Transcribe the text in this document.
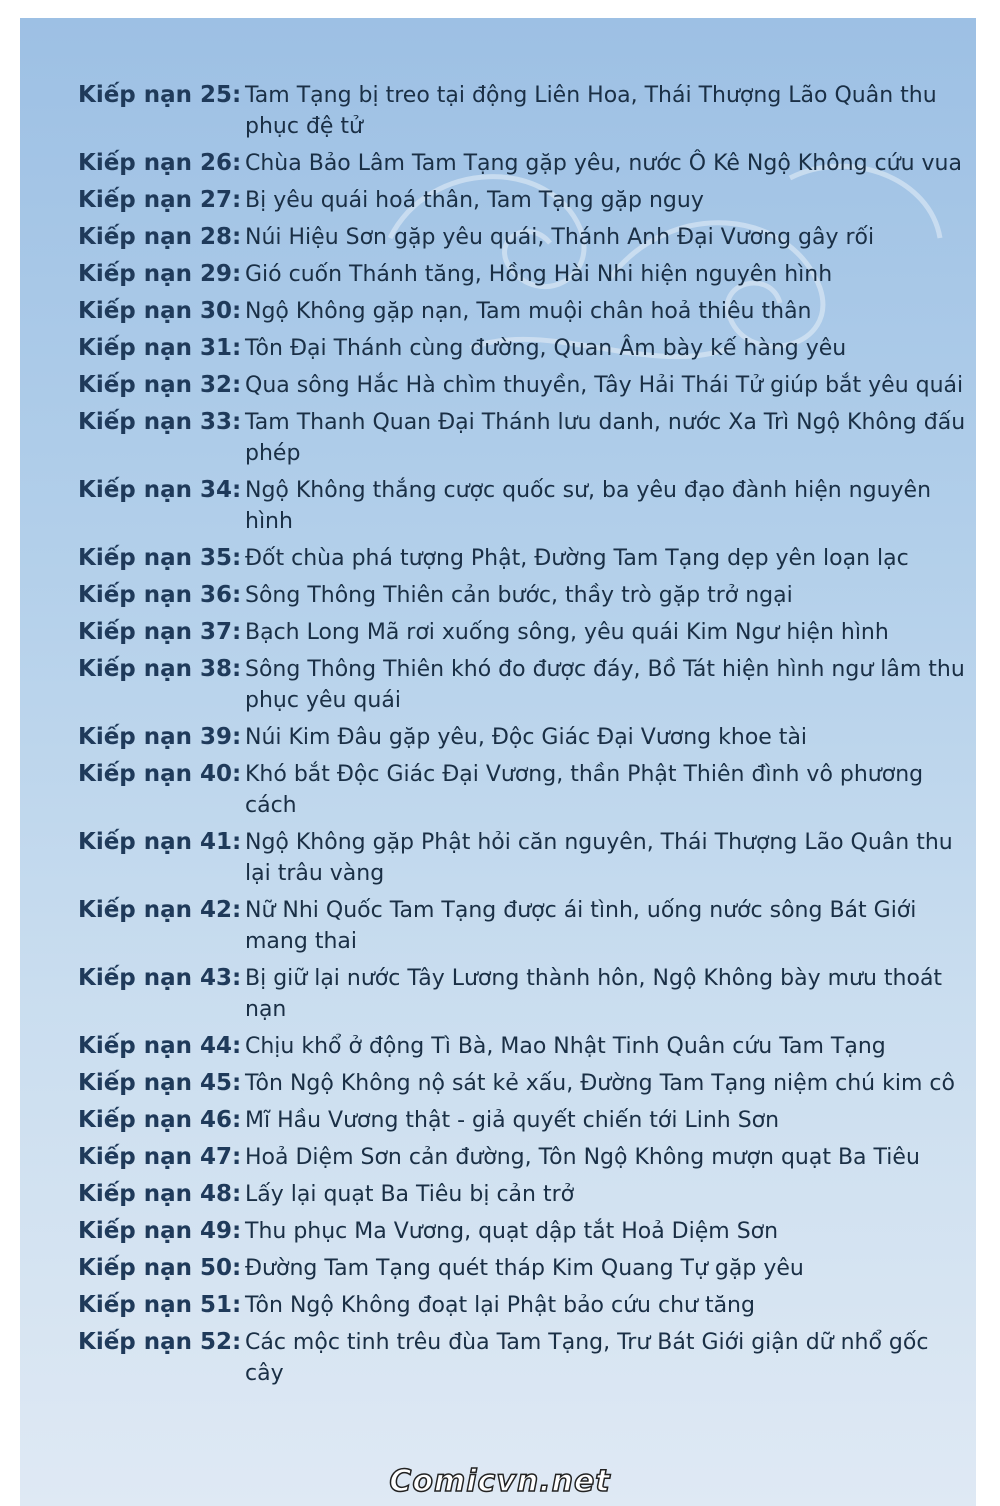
Kiếp nạn 25: Tam Tạng bị treo tại động Liên Hoa, Thái Thượng Lão Quân thu phục đệ tử
Kiếp nạn 26: Chùa Bảo Lâm Tam Tạng gặp yêu, nước Ô Kê Ngộ Không cứu vua
Kiếp nạn 27: Bị yêu quái hoá thân, Tam Tạng gặp nguy
Kiếp nạn 28: Núi Hiệu Sơn gặp yêu quái, Thánh Anh Đại Vương gây rối
Kiếp nạn 29: Gió cuốn Thánh tăng, Hồng Hài Nhi hiện nguyên hình
Kiếp nạn 30: Ngộ Không gặp nạn, Tam muội chân hoả thiêu thân
Kiếp nạn 31: Tôn Đại Thánh cùng đường, Quan Âm bày kế hàng yêu
Kiếp nạn 32: Qua sông Hắc Hà chìm thuyền, Tây Hải Thái Tử giúp bắt yêu quái
Kiếp nạn 33: Tam Thanh Quan Đại Thánh lưu danh, nước Xa Trì Ngộ Không đấu phép
Kiếp nạn 34: Ngộ Không thắng cược quốc sư, ba yêu đạo đành hiện nguyên hình
Kiếp nạn 35: Đốt chùa phá tượng Phật, Đường Tam Tạng dẹp yên loạn lạc
Kiếp nạn 36: Sông Thông Thiên cản bước, thầy trò gặp trở ngại
Kiếp nạn 37: Bạch Long Mã rơi xuống sông, yêu quái Kim Ngư hiện hình
Kiếp nạn 38: Sông Thông Thiên khó đo được đáy, Bồ Tát hiện hình ngư lâm thu phục yêu quái
Kiếp nạn 39: Núi Kim Đâu gặp yêu, Độc Giác Đại Vương khoe tài
Kiếp nạn 40: Khó bắt Độc Giác Đại Vương, thần Phật Thiên đình vô phương cách
Kiếp nạn 41: Ngộ Không gặp Phật hỏi căn nguyên, Thái Thượng Lão Quân thu lại trâu vàng
Kiếp nạn 42: Nữ Nhi Quốc Tam Tạng được ái tình, uống nước sông Bát Giới mang thai
Kiếp nạn 43: Bị giữ lại nước Tây Lương thành hôn, Ngộ Không bày mưu thoát nạn
Kiếp nạn 44: Chịu khổ ở động Tì Bà, Mao Nhật Tinh Quân cứu Tam Tạng
Kiếp nạn 45: Tôn Ngộ Không nộ sát kẻ xấu, Đường Tam Tạng niệm chú kim cô
Kiếp nạn 46: Mĩ Hầu Vương thật - giả quyết chiến tới Linh Sơn
Kiếp nạn 47: Hoả Diệm Sơn cản đường, Tôn Ngộ Không mượn quạt Ba Tiêu
Kiếp nạn 48: Lấy lại quạt Ba Tiêu bị cản trở
Kiếp nạn 49: Thu phục Ma Vương, quạt dập tắt Hoả Diệm Sơn
Kiếp nạn 50: Đường Tam Tạng quét tháp Kim Quang Tự gặp yêu
Kiếp nạn 51: Tôn Ngộ Không đoạt lại Phật bảo cứu chư tăng
Kiếp nạn 52: Các mộc tinh trêu đùa Tam Tạng, Trư Bát Giới giận dữ nhổ gốc cây
Comicvn.net
